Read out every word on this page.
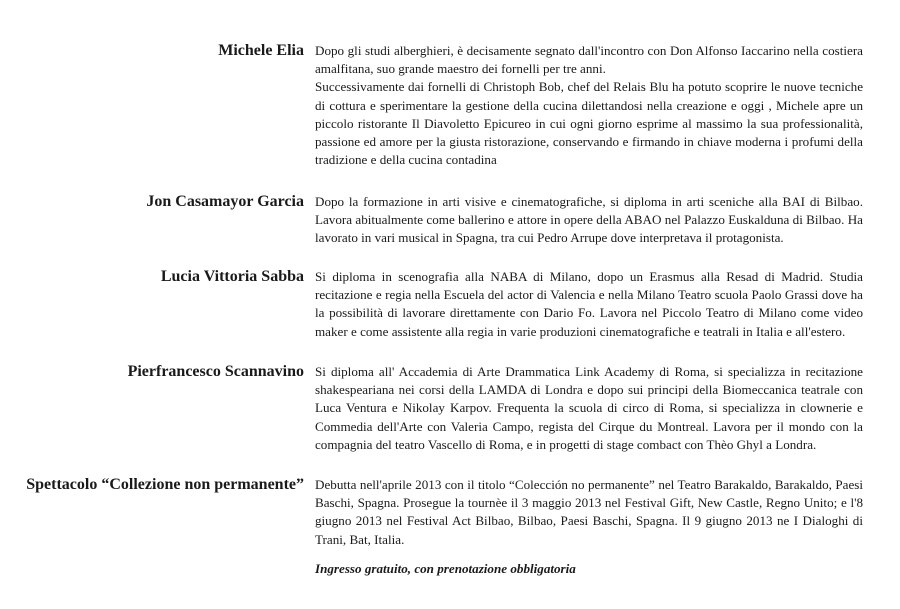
Michele Elia Dopo gli studi alberghieri, è decisamente segnato dall'incontro con Don Alfonso Iaccarino nella costiera amalfitana, suo grande maestro dei fornelli per tre anni.

Successivamente dai fornelli di Christoph Bob, chef del Relais Blu ha potuto scoprire le nuove tecniche di cottura e sperimentare la gestione della cucina dilettandosi nella creazione e oggi , Michele apre un piccolo ristorante Il Diavoletto Epicureo in cui ogni giorno esprime al massimo la sua professionalità, passione ed amore per la giusta ristorazione, conservando e firmando in chiave moderna i profumi della tradizione e della cucina contadina

Jon Casamayor Garcia Dopo la formazione in arti visive e cinematografiche, si diploma in arti sceniche alla BAI di Bilbao. Lavora abitualmente come ballerino e attore in opere della ABAO nel Palazzo Euskalduna di Bilbao. Ha lavorato in vari musical in Spagna, tra cui Pedro Arrupe dove interpretava il protagonista.

Lucia Vittoria Sabba Si diploma in scenografia alla NABA di Milano, dopo un Erasmus alla Resad di Madrid. Studia recitazione e regia nella Escuela del actor di Valencia e nella Milano Teatro scuola Paolo Grassi dove ha la possibilità di lavorare direttamente con Dario Fo. Lavora nel Piccolo Teatro di Milano come video maker e come assistente alla regia in varie produzioni cinematografiche e teatrali in Italia e all'estero.

Pierfrancesco Scannavino Si diploma all' Accademia di Arte Drammatica Link Academy di Roma, si specializza in recitazione shakespeariana nei corsi della LAMDA di Londra e dopo sui principi della Biomeccanica teatrale con Luca Ventura e Nikolay Karpov. Frequenta la scuola di circo di Roma, si specializza in clownerie e Commedia dell'Arte con Valeria Campo, regista del Cirque du Montreal. Lavora per il mondo con la compagnia del teatro Vascello di Roma, e in progetti di stage combact con Thèo Ghyl a Londra.

Spettacolo “Collezione non permanente” Debutta nell'aprile 2013 con il titolo “Colección no permanente” nel Teatro Barakaldo, Barakaldo, Paesi Baschi, Spagna. Prosegue la tournèe il 3 maggio 2013 nel Festival Gift, New Castle, Regno Unito; e l'8 giugno 2013 nel Festival Act Bilbao, Bilbao, Paesi Baschi, Spagna. Il 9 giugno 2013 ne I Dialoghi di Trani, Bat, Italia.

Ingresso gratuito, con prenotazione obbligatoria
